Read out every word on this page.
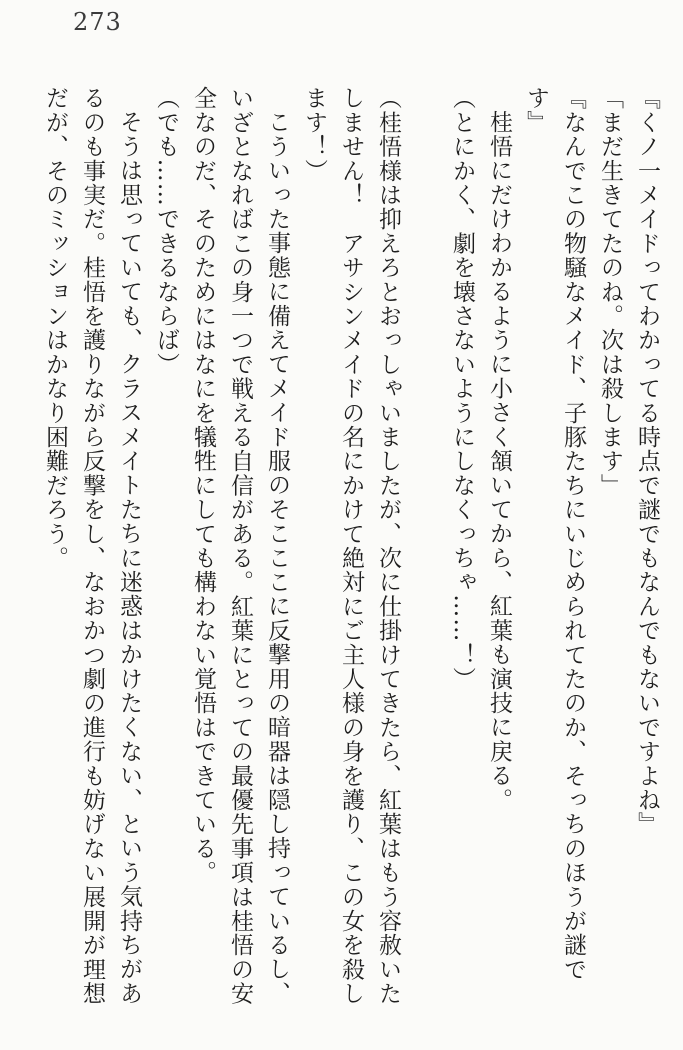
273
『くノ一メイドってわかってる時点で謎でもなんでもないですよね』
「まだ生きてたのね。次は殺します」
『なんでこの物騒なメイド、子豚たちにいじめられてたのか、そっちのほうが謎で
す』
桂悟にだけわかるように小さく頷いてから、紅葉も演技に戻る。
（とにかく、劇を壊さないようにしなくっちゃ……！）
（桂悟様は抑えろとおっしゃいましたが、次に仕掛けてきたら、紅葉はもう容赦いた
しません！　アサシンメイドの名にかけて絶対にご主人様の身を護り、この女を殺し
ます！）
こういった事態に備えてメイド服のそこここに反撃用の暗器は隠し持っているし、
いざとなればこの身一つで戦える自信がある。紅葉にとっての最優先事項は桂悟の安
全なのだ、そのためにはなにを犠牲にしても構わない覚悟はできている。
（でも……できるならば）
そうは思っていても、クラスメイトたちに迷惑はかけたくない、という気持ちがあ
るのも事実だ。桂悟を護りながら反撃をし、なおかつ劇の進行も妨げない展開が理想
だが、そのミッションはかなり困難だろう。
